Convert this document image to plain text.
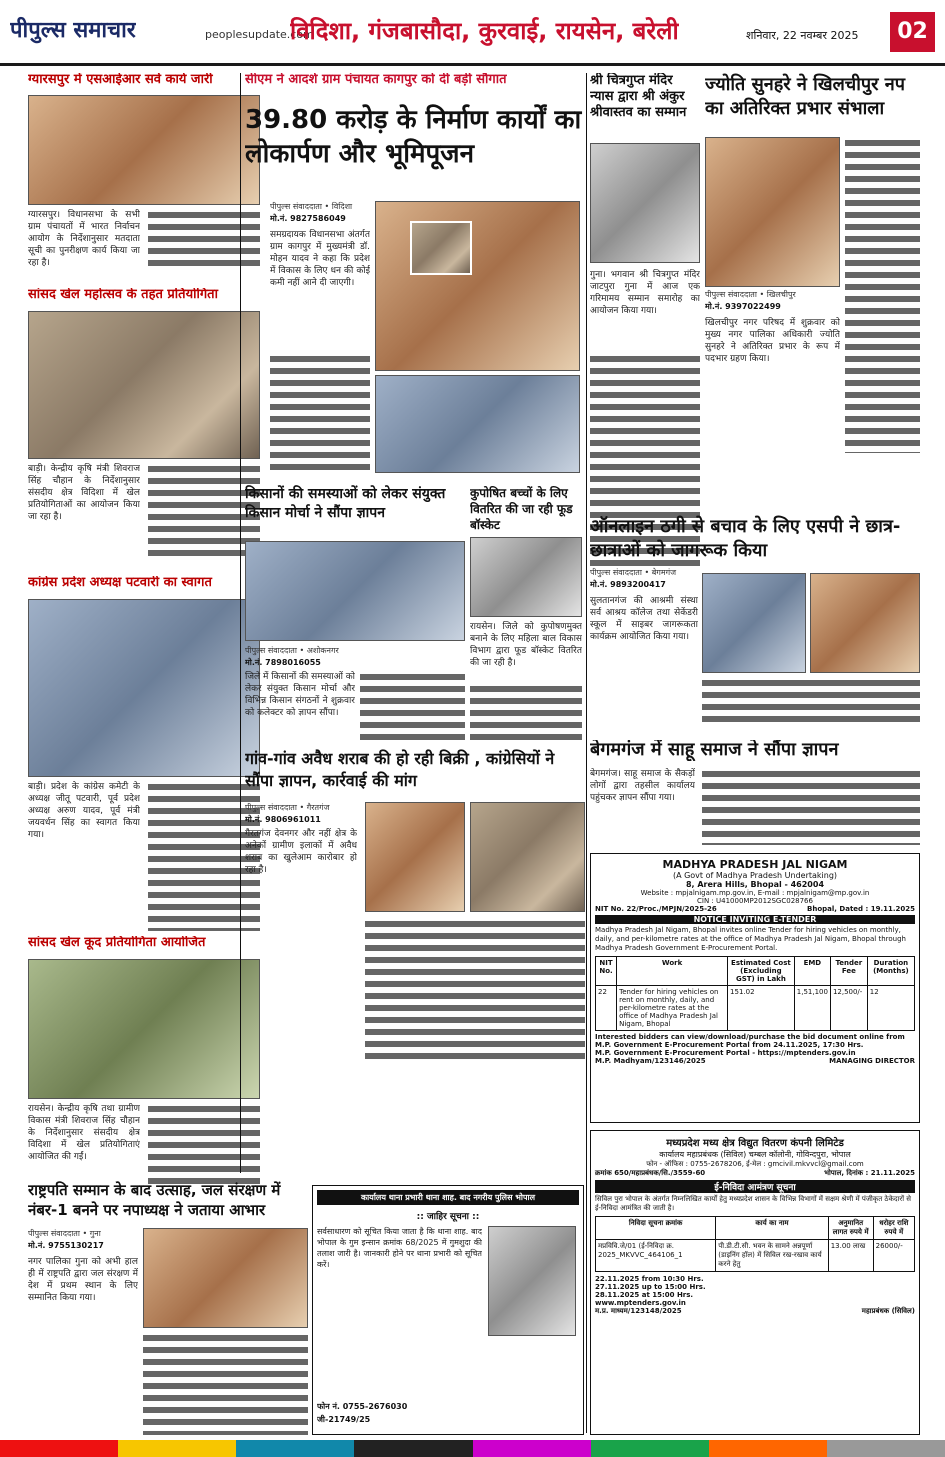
पीपुल्स समाचार	peoplesupdate.com
विदिशा, गंजबासौदा, कुरवाई, रायसेन, बरेली	शनिवार, 22 नवम्बर 2025	02
ग्यारसपुर में एसआईआर सर्वे कार्य जारी
ग्यारसपुर। विधानसभा के सभी ग्राम पंचायतों में भारत निर्वाचन आयोग के निर्देशानुसार मतदाता सूची का पुनरीक्षण कार्य किया जा रहा है।
सांसद खेल महोत्सव के तहत प्रतियोगिता
बाड़ी। केन्द्रीय कृषि मंत्री शिवराज सिंह चौहान के निर्देशानुसार संसदीय क्षेत्र विदिशा में खेल प्रतियोगिताओं का आयोजन किया जा रहा है।
कांग्रेस प्रदेश अध्यक्ष पटवारी का स्वागत
बाड़ी। प्रदेश के कांग्रेस कमेटी के अध्यक्ष जीतू पटवारी, पूर्व प्रदेश अध्यक्ष अरुण यादव, पूर्व मंत्री जयवर्धन सिंह का स्वागत किया गया।
सांसद खेल कूद प्रतियोगिता आयोजित
रायसेन। केन्द्रीय कृषि तथा ग्रामीण विकास मंत्री शिवराज सिंह चौहान के निर्देशानुसार संसदीय क्षेत्र विदिशा में खेल प्रतियोगिताएं आयोजित की गईं।
सीएम ने आदर्श ग्राम पंचायत कागपुर को दी बड़ी सौगात
39.80 करोड़ के निर्माण कार्यों का लोकार्पण और भूमिपूजन
पीपुल्स संवाददाता • विदिशा
मो.नं. 9827586049
समग्रदायक विधानसभा अंतर्गत ग्राम कागपुर में मुख्यमंत्री डॉ. मोहन यादव ने कहा कि प्रदेश में विकास के लिए धन की कोई कमी नहीं आने दी जाएगी।
श्री चित्रगुप्त मंदिर न्यास द्वारा श्री अंकुर श्रीवास्तव का सम्मान
गुना। भगवान श्री चित्रगुप्त मंदिर जाटपुरा गुना में आज एक गरिमामय सम्मान समारोह का आयोजन किया गया।
ज्योति सुनहरे ने खिलचीपुर नप का अतिरिक्त प्रभार संभाला
पीपुल्स संवाददाता • खिलचीपुर
मो.नं. 9397022499
खिलचीपुर नगर परिषद में शुक्रवार को मुख्य नगर पालिका अधिकारी ज्योति सुनहरे ने अतिरिक्त प्रभार के रूप में पदभार ग्रहण किया।
ऑनलाइन ठगी से बचाव के लिए एसपी ने छात्र-छात्राओं को जागरूक किया
पीपुल्स संवाददाता • बेगमगंज
मो.नं. 9893200417
सुलतानगंज की आश्रमी संस्था सर्व आश्रय कॉलेज तथा सेकेंडरी स्कूल में साइबर जागरूकता कार्यक्रम आयोजित किया गया।
किसानों की समस्याओं को लेकर संयुक्त किसान मोर्चा ने सौंपा ज्ञापन
पीपुल्स संवाददाता • अशोकनगर
मो.नं. 7898016055
जिले में किसानों की समस्याओं को लेकर संयुक्त किसान मोर्चा और विभिन्न किसान संगठनों ने शुक्रवार को कलेक्टर को ज्ञापन सौंपा।
कुपोषित बच्चों के लिए वितरित की जा रही फूड बॉस्केट
रायसेन। जिले को कुपोषणमुक्त बनाने के लिए महिला बाल विकास विभाग द्वारा फूड बॉस्केट वितरित की जा रही है।
बेगमगंज में साहू समाज ने सौंपा ज्ञापन
बेगमगंज। साहू समाज के सैकड़ों लोगों द्वारा तहसील कार्यालय पहुंचकर ज्ञापन सौंपा गया।
गांव-गांव अवैध शराब की हो रही बिक्री , कांग्रेसियों ने सौंपा ज्ञापन, कार्रवाई की मांग
पीपुल्स संवाददाता • गैरतगंज
मो.नं. 9806961011
गैरतगंज देवनगर और नहीं क्षेत्र के अनेकों ग्रामीण इलाकों में अवैध शराब का खुलेआम कारोबार हो रहा है।	MADHYA PRADESH JAL NIGAM
(A Govt of Madhya Pradesh Undertaking)
8, Arera Hills, Bhopal - 462004
Website : mpjalnigam.mp.gov.in, E-mail : mpjalnigam@mp.gov.in
CIN : U41000MP2012SGC028766
NIT No. 22/Proc./MPJN/2025-26	Bhopal, Dated : 19.11.2025
NOTICE INVITING E-TENDER
Madhya Pradesh Jal Nigam, Bhopal invites online Tender for hiring vehicles on monthly, daily, and per-kilometre rates at the office of Madhya Pradesh Jal Nigam, Bhopal through Madhya Pradesh Government E-Procurement Portal.
NIT No.	Work	Estimated Cost (Excluding GST) in Lakh	EMD	Tender Fee	Duration (Months)
22	Tender for hiring vehicles on rent on monthly, daily, and per-kilometre rates at the office of Madhya Pradesh Jal Nigam, Bhopal	151.02	1,51,100	12,500/-	12
Interested bidders can view/download/purchase the bid document online from M.P. Government E-Procurement Portal from 24.11.2025, 17:30 Hrs.
M.P. Government E-Procurement Portal - https://mptenders.gov.in
M.P. Madhyam/123146/2025	MANAGING DIRECTOR
राष्ट्रपति सम्मान के बाद उत्साह, जल संरक्षण में नंबर-1 बनने पर नपाध्यक्ष ने जताया आभार
पीपुल्स संवाददाता • गुना
मो.नं. 9755130217
नगर पालिका गुना को अभी हाल ही में राष्ट्रपति द्वारा जल संरक्षण में देश में प्रथम स्थान के लिए सम्मानित किया गया।
कार्यालय थाना प्रभारी थाना शाह. बाद नगरीय पुलिस भोपाल
:: जाहिर सूचना ::
सर्वसाधारण को सूचित किया जाता है कि थाना शाह. बाद भोपाल के गुम इन्सान क्रमांक 68/2025 में गुमशुदा की तलाश जारी है। जानकारी होने पर थाना प्रभारी को सूचित करें।
फोन नं. 0755-2676030
जी-21749/25
मध्यप्रदेश मध्य क्षेत्र विद्युत वितरण कंपनी लिमिटेड
कार्यालय महाप्रबंधक (सिविल) चम्बल कॉलोनी, गोविन्दपुरा, भोपाल
फोन - ऑफिस : 0755-2678206, ई-मेल : gmcivil.mkvvcl@gmail.com
क्रमांक 650/महाप्रबंधक/सि./3559-60	भोपाल, दिनांक : 21.11.2025
ई-निविदा आमंत्रण सूचना
सिविल पुरा भोपाल के अंतर्गत निम्नलिखित कार्यों हेतु मध्यप्रदेश शासन के विभिन्न विभागों में सक्षम श्रेणी में पंजीकृत ठेकेदारों से ई-निविदा आमंत्रित की जाती है।
निविदा सूचना क्रमांक	कार्य का नाम	अनुमानित लागत रुपये में	धरोहर राशि रुपये में
मप्रविवि.जे/01 (ई-निविदा क्र. 2025_MKVVC_464106_1	पी.डी.टी.सी. भवन के सामने अन्नपूर्णा (डाइनिंग हॉल) में सिविल रख-रखाव कार्य करने हेतु	13.00 लाख	26000/-
22.11.2025 from 10:30 Hrs.
27.11.2025 up to 15:00 Hrs.
28.11.2025 at 15:00 Hrs.
www.mptenders.gov.in
म.प्र. माध्यम/123148/2025	महाप्रबंधक (सिविल)
